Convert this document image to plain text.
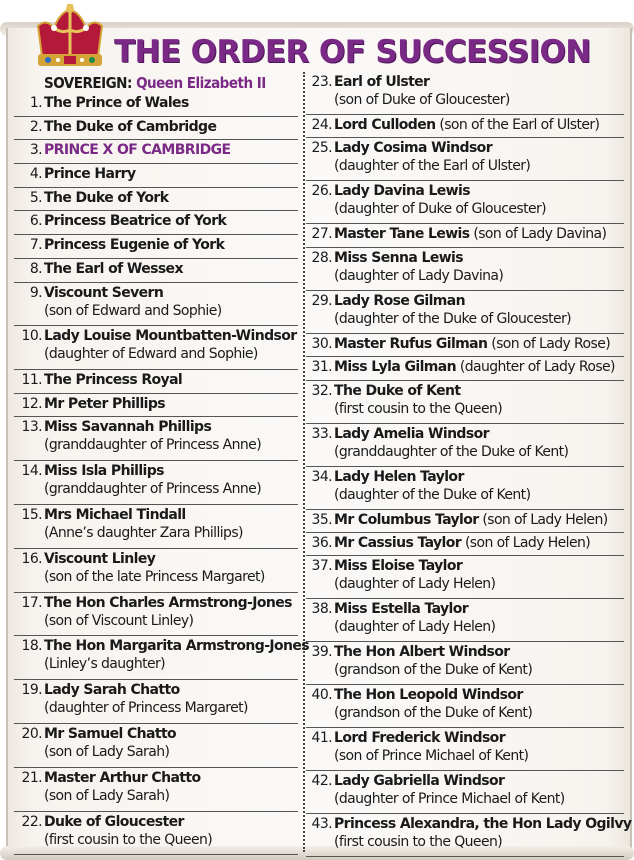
THE ORDER OF SUCCESSION
SOVEREIGN: Queen Elizabeth II
1. The Prince of Wales
2. The Duke of Cambridge
3. PRINCE X OF CAMBRIDGE
4. Prince Harry
5. The Duke of York
6. Princess Beatrice of York
7. Princess Eugenie of York
8. The Earl of Wessex
9. Viscount Severn
(son of Edward and Sophie)
10. Lady Louise Mountbatten-Windsor
(daughter of Edward and Sophie)
11. The Princess Royal
12. Mr Peter Phillips
13. Miss Savannah Phillips
(granddaughter of Princess Anne)
14. Miss Isla Phillips
(granddaughter of Princess Anne)
15. Mrs Michael Tindall
(Anne’s daughter Zara Phillips)
16. Viscount Linley
(son of the late Princess Margaret)
17. The Hon Charles Armstrong-Jones
(son of Viscount Linley)
18. The Hon Margarita Armstrong-Jones
(Linley’s daughter)
19. Lady Sarah Chatto
(daughter of Princess Margaret)
20. Mr Samuel Chatto
(son of Lady Sarah)
21. Master Arthur Chatto
(son of Lady Sarah)
22. Duke of Gloucester
(first cousin to the Queen)
23. Earl of Ulster
(son of Duke of Gloucester)
24. Lord Culloden (son of the Earl of Ulster)
25. Lady Cosima Windsor
(daughter of the Earl of Ulster)
26. Lady Davina Lewis
(daughter of Duke of Gloucester)
27. Master Tane Lewis (son of Lady Davina)
28. Miss Senna Lewis
(daughter of Lady Davina)
29. Lady Rose Gilman
(daughter of the Duke of Gloucester)
30. Master Rufus Gilman (son of Lady Rose)
31. Miss Lyla Gilman (daughter of Lady Rose)
32. The Duke of Kent
(first cousin to the Queen)
33. Lady Amelia Windsor
(granddaughter of the Duke of Kent)
34. Lady Helen Taylor
(daughter of the Duke of Kent)
35. Mr Columbus Taylor (son of Lady Helen)
36. Mr Cassius Taylor (son of Lady Helen)
37. Miss Eloise Taylor
(daughter of Lady Helen)
38. Miss Estella Taylor
(daughter of Lady Helen)
39. The Hon Albert Windsor
(grandson of the Duke of Kent)
40. The Hon Leopold Windsor
(grandson of the Duke of Kent)
41. Lord Frederick Windsor
(son of Prince Michael of Kent)
42. Lady Gabriella Windsor
(daughter of Prince Michael of Kent)
43. Princess Alexandra, the Hon Lady Ogilvy
(first cousin to the Queen)
